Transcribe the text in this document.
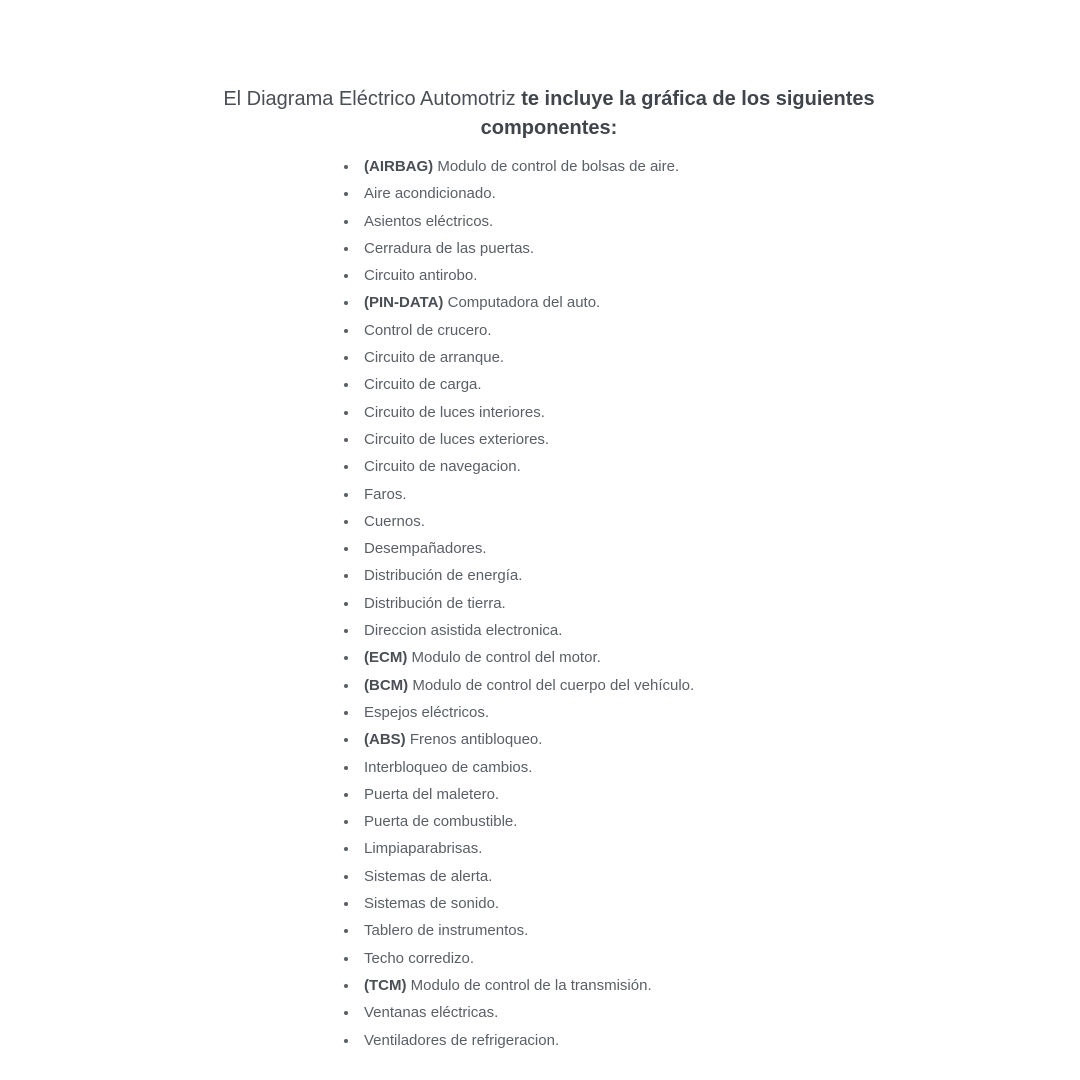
El Diagrama Eléctrico Automotriz te incluye la gráfica de los siguientes componentes:

(AIRBAG) Modulo de control de bolsas de aire.
Aire acondicionado.
Asientos eléctricos.
Cerradura de las puertas.
Circuito antirobo.
(PIN-DATA) Computadora del auto.
Control de crucero.
Circuito de arranque.
Circuito de carga.
Circuito de luces interiores.
Circuito de luces exteriores.
Circuito de navegacion.
Faros.
Cuernos.
Desempañadores.
Distribución de energía.
Distribución de tierra.
Direccion asistida electronica.
(ECM) Modulo de control del motor.
(BCM) Modulo de control del cuerpo del vehículo.
Espejos eléctricos.
(ABS) Frenos antibloqueo.
Interbloqueo de cambios.
Puerta del maletero.
Puerta de combustible.
Limpiaparabrisas.
Sistemas de alerta.
Sistemas de sonido.
Tablero de instrumentos.
Techo corredizo.
(TCM) Modulo de control de la transmisión.
Ventanas eléctricas.
Ventiladores de refrigeracion.
